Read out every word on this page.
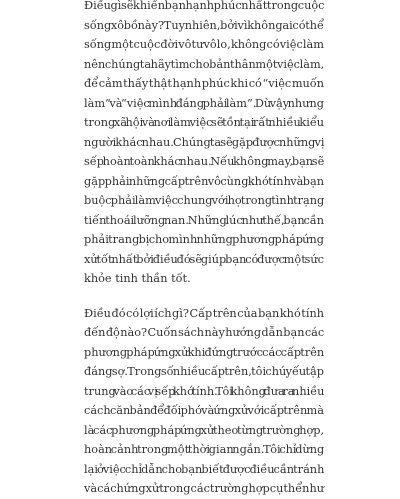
Điều gì sẽ khiến bạn hạnh phúc nhất trong cuộc
sống xô bồ này? Tuy nhiên, bởi vì không ai có thể
sống một cuộc đời vô tư vô lo, không có việc làm
nên chúng ta hãy tìm cho bản thân một việc làm,
để cảm thấy thật hạnh phúc khi có “việc muốn
làm” và “việc mình đáng phải làm”. Dù vậy nhưng
trong xã hội và nơi làm việc sẽ tồn tại rất nhiều kiểu
người khác nhau. Chúng ta sẽ gặp được những vị
sếp hoàn toàn khác nhau. Nếu không may, bạn sẽ
gặp phải những cấp trên vô cùng khó tính và bạn
buộc phải làm việc chung với họ trong tình trạng
tiến thoái lưỡng nan. Những lúc như thế, bạn cần
phải trang bị cho mình những phương pháp ứng
xử tốt nhất bởi điều đó sẽ giúp bạn có được một sức
khỏe tinh thần tốt.
Điều đó có lợi ích gì? Cấp trên của bạn khó tính
đến độ nào? Cuốn sách này hướng dẫn bạn các
phương pháp ứng xử khi đứng trước các cấp trên
đáng sợ. Trong số nhiều cấp trên, tôi chú yếu tập
trung vào các vị sếp khó tính. Tôi không đưa ra nhiều
cách căn bản để đối phó và ứng xử với cấp trên mà
là các phương pháp ứng xử theo từng trường hợp,
hoàn cảnh trong một thời gian ngắn. Tôi chỉ dừng
lại ở việc chỉ dẫn cho bạn biết được điều cần tránh
và cách ứng xử trong các trường hợp cụ thể như
